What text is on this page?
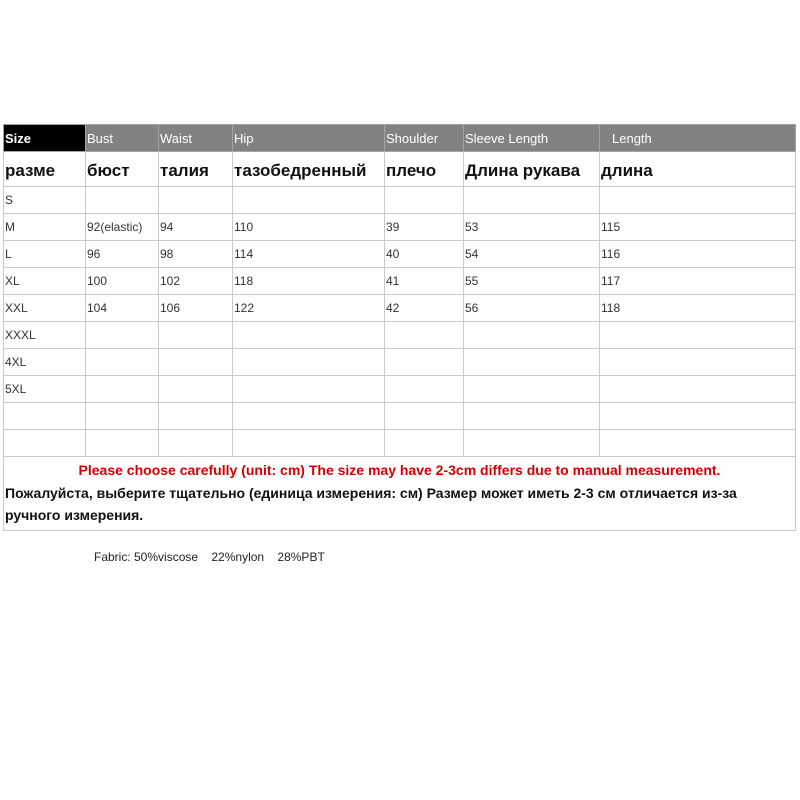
Size	Bust	Waist	Hip	Shoulder	Sleeve Length	Length
разме	бюст	талия	тазобедренный	плечо	Длина рукава	длина
S						
M	92(elastic)	94	110	39	53	115
L	96	98	114	40	54	116
XL	100	102	118	41	55	117
XXL	104	106	122	42	56	118
XXXL						
4XL						
5XL						

Please choose carefully (unit: cm) The size may have 2-3cm differs due to manual measurement.
Пожалуйста, выберите тщательно (единица измерения: см) Размер может иметь 2-3 см отличается из-за ручного измерения.						
Fabric: 50%viscose    22%nylon    28%PBT
